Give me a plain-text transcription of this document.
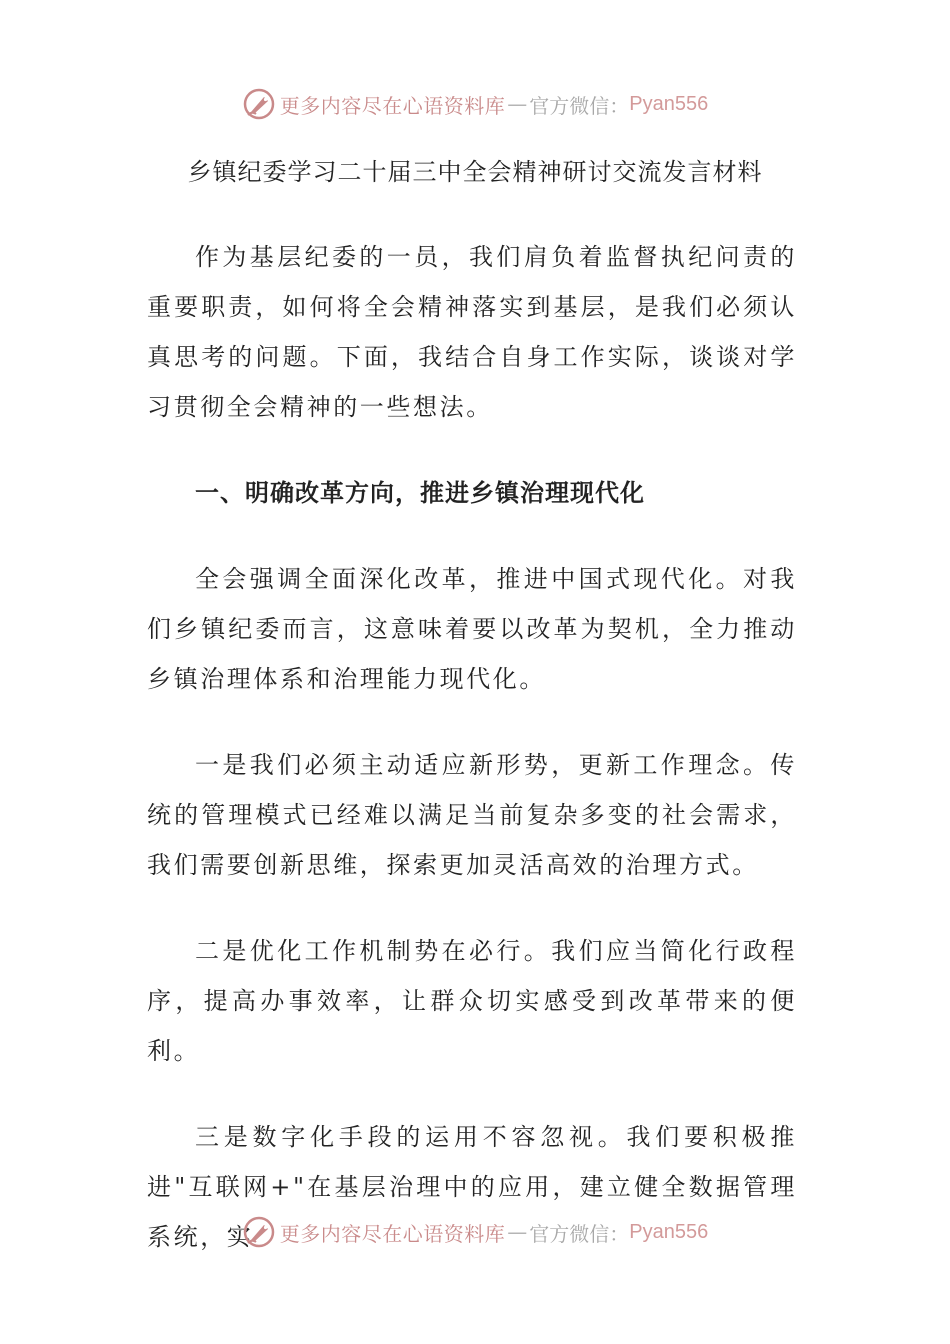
更多内容尽在心语资料库 — 官方微信： Pyan556
乡镇纪委学习二十届三中全会精神研讨交流发言材料

作为基层纪委的一员，我们肩负着监督执纪问责的重要职责，如何将全会精神落实到基层，是我们必须认真思考的问题。下面，我结合自身工作实际，谈谈对学习贯彻全会精神的一些想法。

一、明确改革方向，推进乡镇治理现代化

全会强调全面深化改革，推进中国式现代化。对我们乡镇纪委而言，这意味着要以改革为契机，全力推动乡镇治理体系和治理能力现代化。

一是我们必须主动适应新形势，更新工作理念。传统的管理模式已经难以满足当前复杂多变的社会需求，我们需要创新思维，探索更加灵活高效的治理方式。

二是优化工作机制势在必行。我们应当简化行政程序，提高办事效率，让群众切实感受到改革带来的便利。

三是数字化手段的运用不容忽视。我们要积极推进"互联网+"在基层治理中的应用，建立健全数据管理系统，实	更多内容尽在心语资料库 — 官方微信： Pyan556
